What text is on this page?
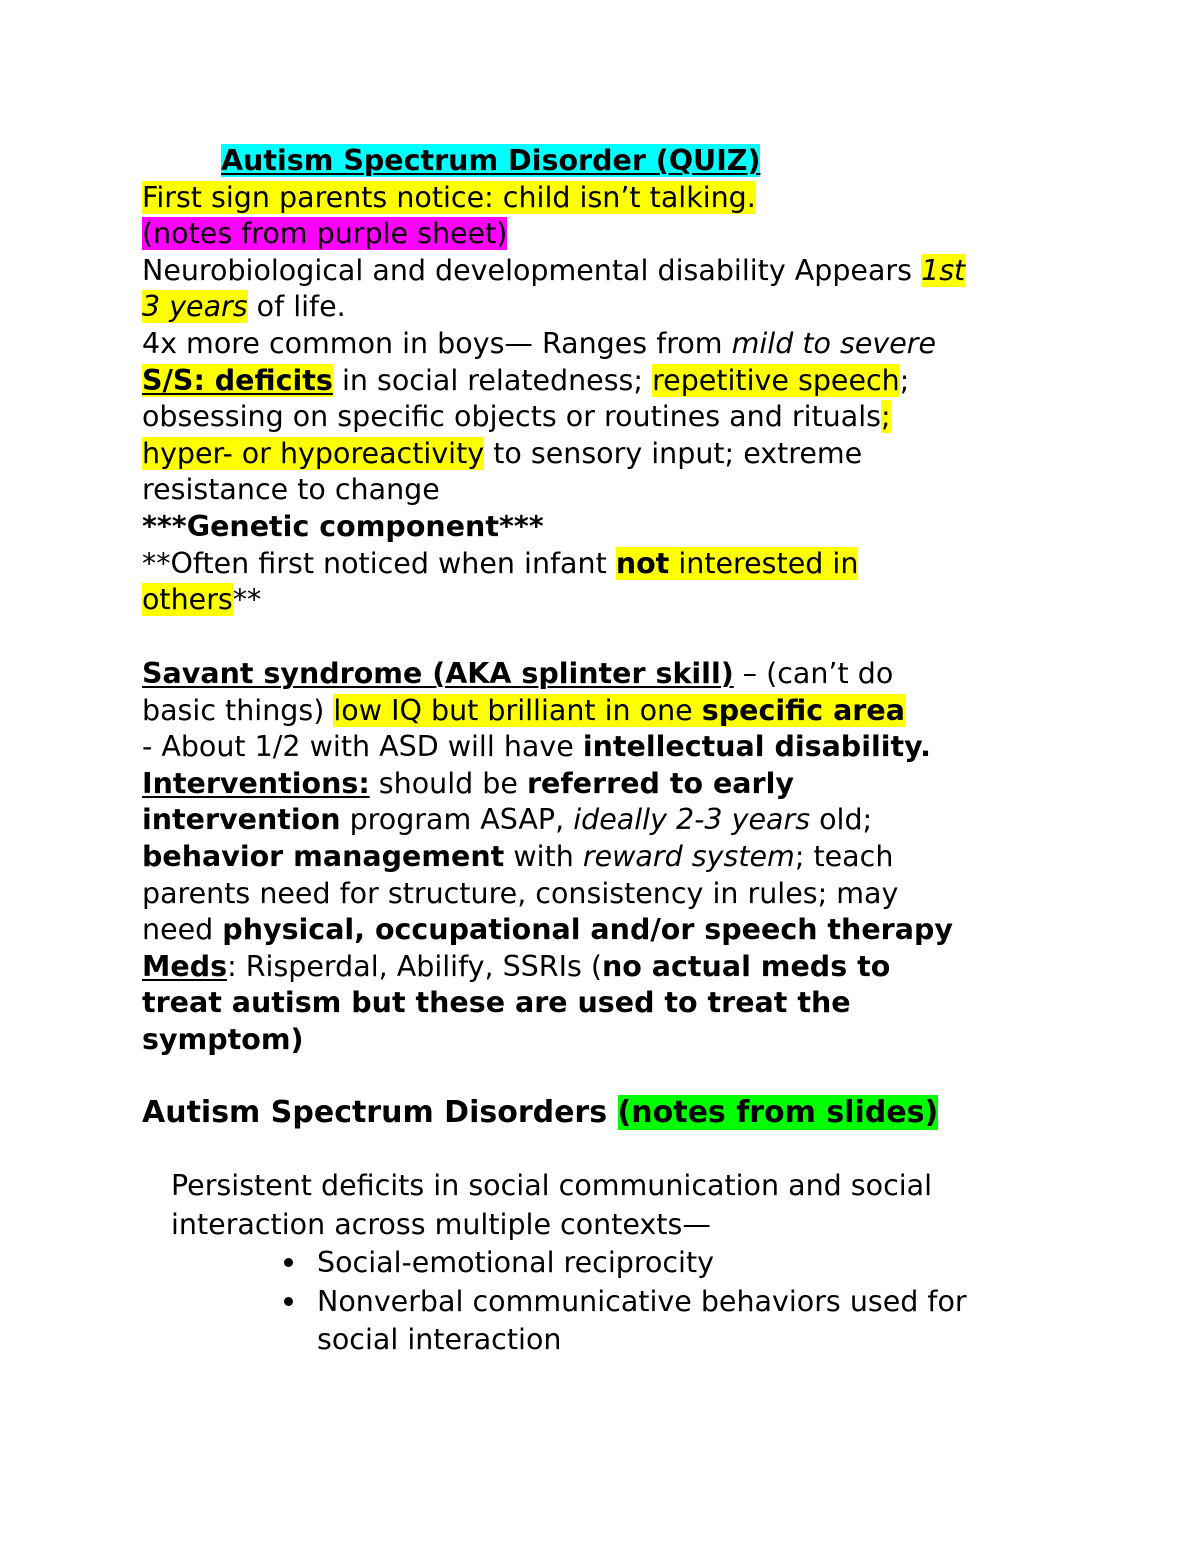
Autism Spectrum Disorder (QUIZ)
First sign parents notice: child isn’t talking.
(notes from purple sheet)
Neurobiological and developmental disability Appears 1st
3 years of life.
4x more common in boys— Ranges from mild to severe
S/S: deficits in social relatedness; repetitive speech;
obsessing on specific objects or routines and rituals;
hyper- or hyporeactivity to sensory input; extreme
resistance to change
***Genetic component***
**Often first noticed when infant not interested in
others**
Savant syndrome (AKA splinter skill) – (can’t do
basic things) low IQ but brilliant in one specific area
- About 1/2 with ASD will have intellectual disability.
Interventions: should be referred to early
intervention program ASAP, ideally 2-3 years old;
behavior management with reward system; teach
parents need for structure, consistency in rules; may
need physical, occupational and/or speech therapy
Meds: Risperdal, Abilify, SSRIs (no actual meds to
treat autism but these are used to treat the
symptom)
Autism Spectrum Disorders (notes from slides)
Persistent deficits in social communication and social
interaction across multiple contexts—
Social-emotional reciprocity
Nonverbal communicative behaviors used for
social interaction
